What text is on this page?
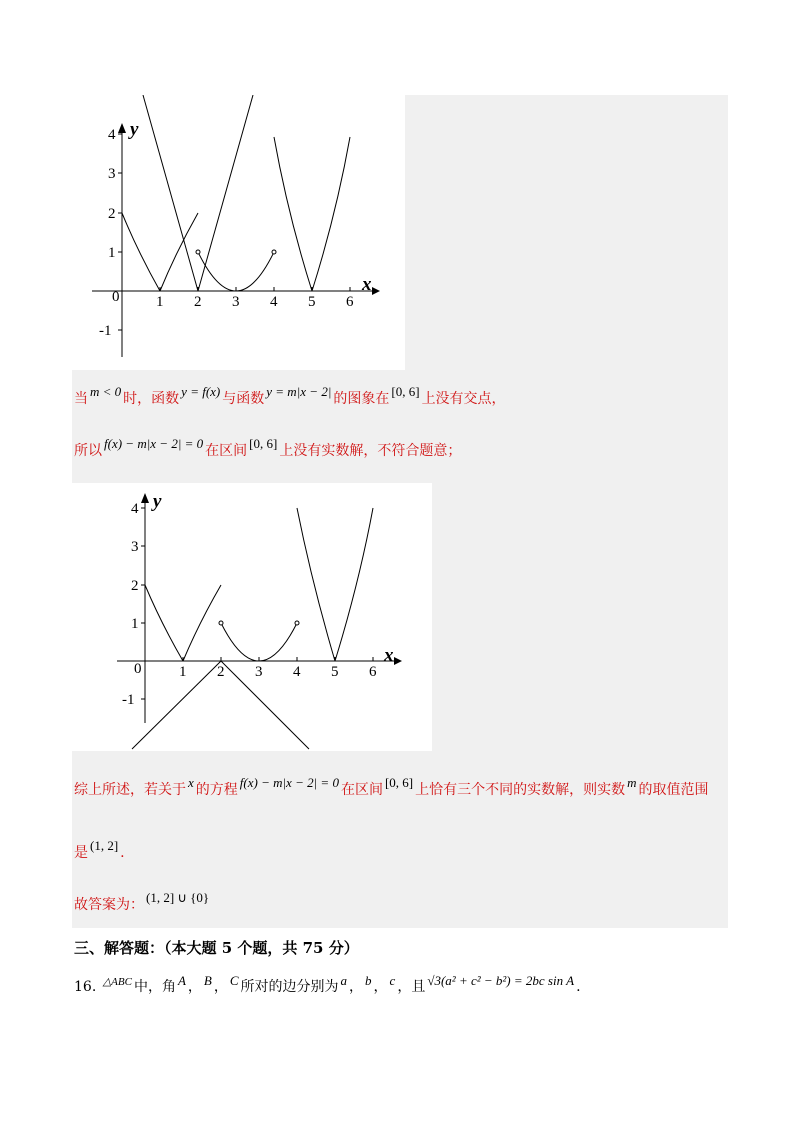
4
3
2
1
0
-1
1 2 3 4 5 6
x
y
当 m < 0 时，函数 y = f(x) 与函数 y = m|x − 2| 的图象在 [0, 6] 上没有交点，
所以 f(x) − m|x − 2| = 0 在区间 [0, 6] 上没有实数解，不符合题意；
4
3
2
1
0
-1
1 2 3 4 5 6
x
y
综上所述，若关于 x 的方程 f(x) − m|x − 2| = 0 在区间 [0, 6] 上恰有三个不同的实数解，则实数 m 的取值范围
是 (1, 2] .
故答案为： (1, 2] ∪ {0}
三、解答题：（本大题 5 个题，共 75 分）
16. $^{\triangle ABC}$ 中，角 A ， B ， C 所对的边分别为 a ， b ， c ，且 √3(a² + c² − b²) = 2bc sin A .
